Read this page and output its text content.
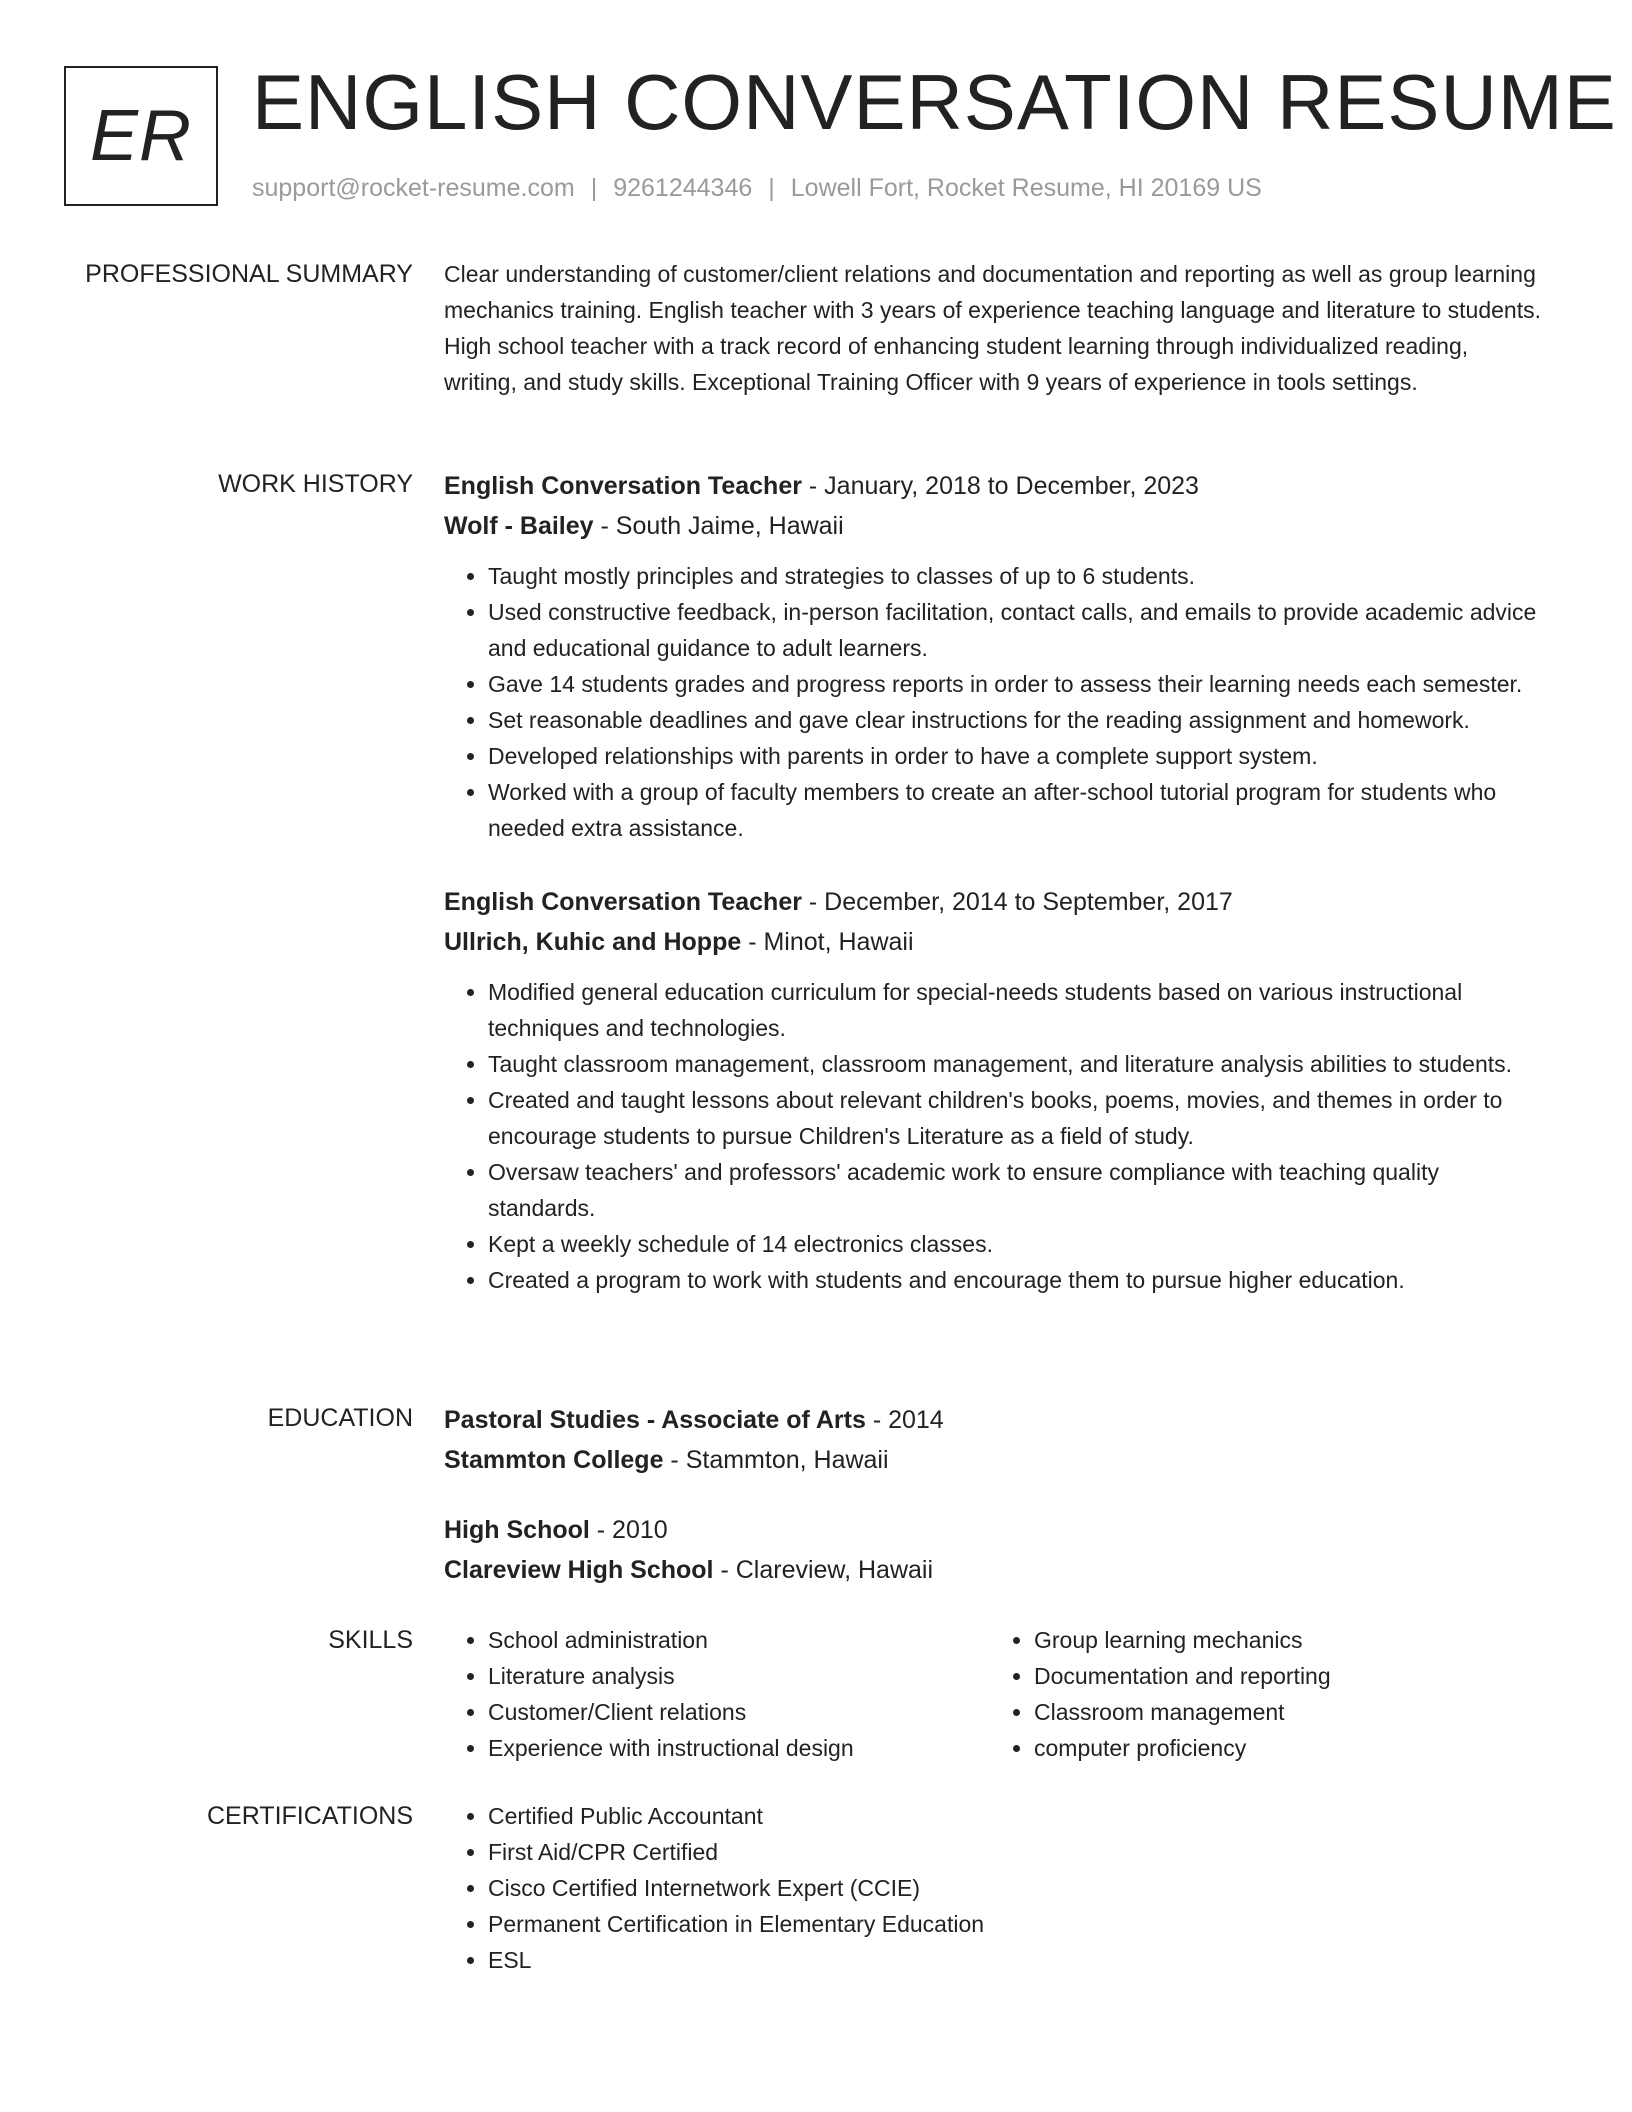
ER ENGLISH CONVERSATION RESUME
support@rocket-resume.com | 9261244346 | Lowell Fort, Rocket Resume, HI 20169 US
PROFESSIONAL SUMMARY Clear understanding of customer/client relations and documentation and reporting as well as group learning mechanics training. English teacher with 3 years of experience teaching language and literature to students. High school teacher with a track record of enhancing student learning through individualized reading, writing, and study skills. Exceptional Training Officer with 9 years of experience in tools settings.

WORK HISTORY English Conversation Teacher - January, 2018 to December, 2023
Wolf - Bailey - South Jaime, Hawaii
• Taught mostly principles and strategies to classes of up to 6 students.
• Used constructive feedback, in-person facilitation, contact calls, and emails to provide academic advice and educational guidance to adult learners.
• Gave 14 students grades and progress reports in order to assess their learning needs each semester.
• Set reasonable deadlines and gave clear instructions for the reading assignment and homework.
• Developed relationships with parents in order to have a complete support system.
• Worked with a group of faculty members to create an after-school tutorial program for students who needed extra assistance.
English Conversation Teacher - December, 2014 to September, 2017
Ullrich, Kuhic and Hoppe - Minot, Hawaii
• Modified general education curriculum for special-needs students based on various instructional techniques and technologies.
• Taught classroom management, classroom management, and literature analysis abilities to students.
• Created and taught lessons about relevant children's books, poems, movies, and themes in order to encourage students to pursue Children's Literature as a field of study.
• Oversaw teachers' and professors' academic work to ensure compliance with teaching quality standards.
• Kept a weekly schedule of 14 electronics classes.
• Created a program to work with students and encourage them to pursue higher education.
EDUCATION Pastoral Studies - Associate of Arts - 2014
Stammton College - Stammton, Hawaii
High School - 2010
Clareview High School - Clareview, Hawaii
SKILLS	• School administration
• Literature analysis
• Customer/Client relations
• Experience with instructional design
• Group learning mechanics
• Documentation and reporting
• Classroom management
• computer proficiency
CERTIFICATIONS	• Certified Public Accountant
• First Aid/CPR Certified
• Cisco Certified Internetwork Expert (CCIE)
• Permanent Certification in Elementary Education
• ESL
